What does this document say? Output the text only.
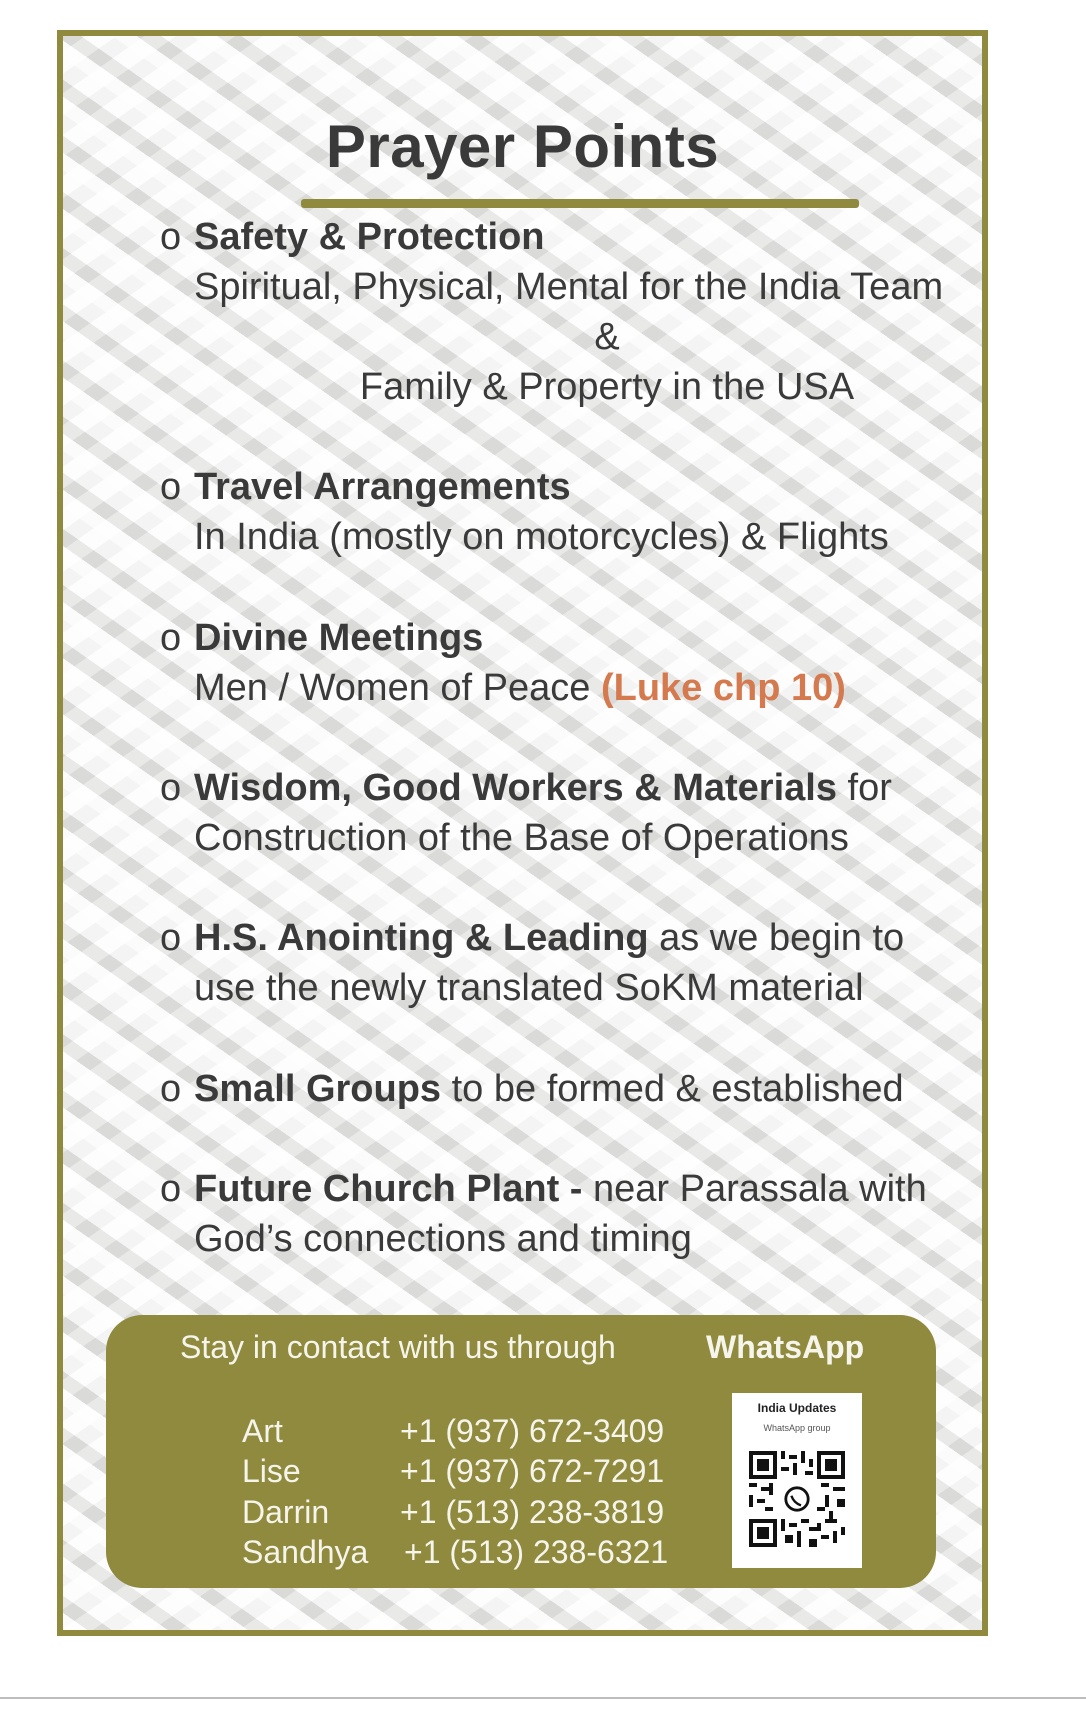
Prayer Points
o Safety & Protection
Spiritual, Physical, Mental for the India Team

&
Family & Property in the USA
o Travel Arrangements
In India (mostly on motorcycles) & Flights
o Divine Meetings
Men / Women of Peace (Luke chp 10)
o Wisdom, Good Workers & Materials for
Construction of the Base of Operations
o H.S. Anointing & Leading as we begin to
use the newly translated SoKM material
o Small Groups to be formed & established
o Future Church Plant - near Parassala with
God’s connections and timing
Stay in contact with us through	WhatsApp
Art	+1 (937) 672-3409
Lise	+1 (937) 672-7291
Darrin +1 (513) 238-3819
Sandhya +1 (513) 238-6321
India Updates
WhatsApp group
